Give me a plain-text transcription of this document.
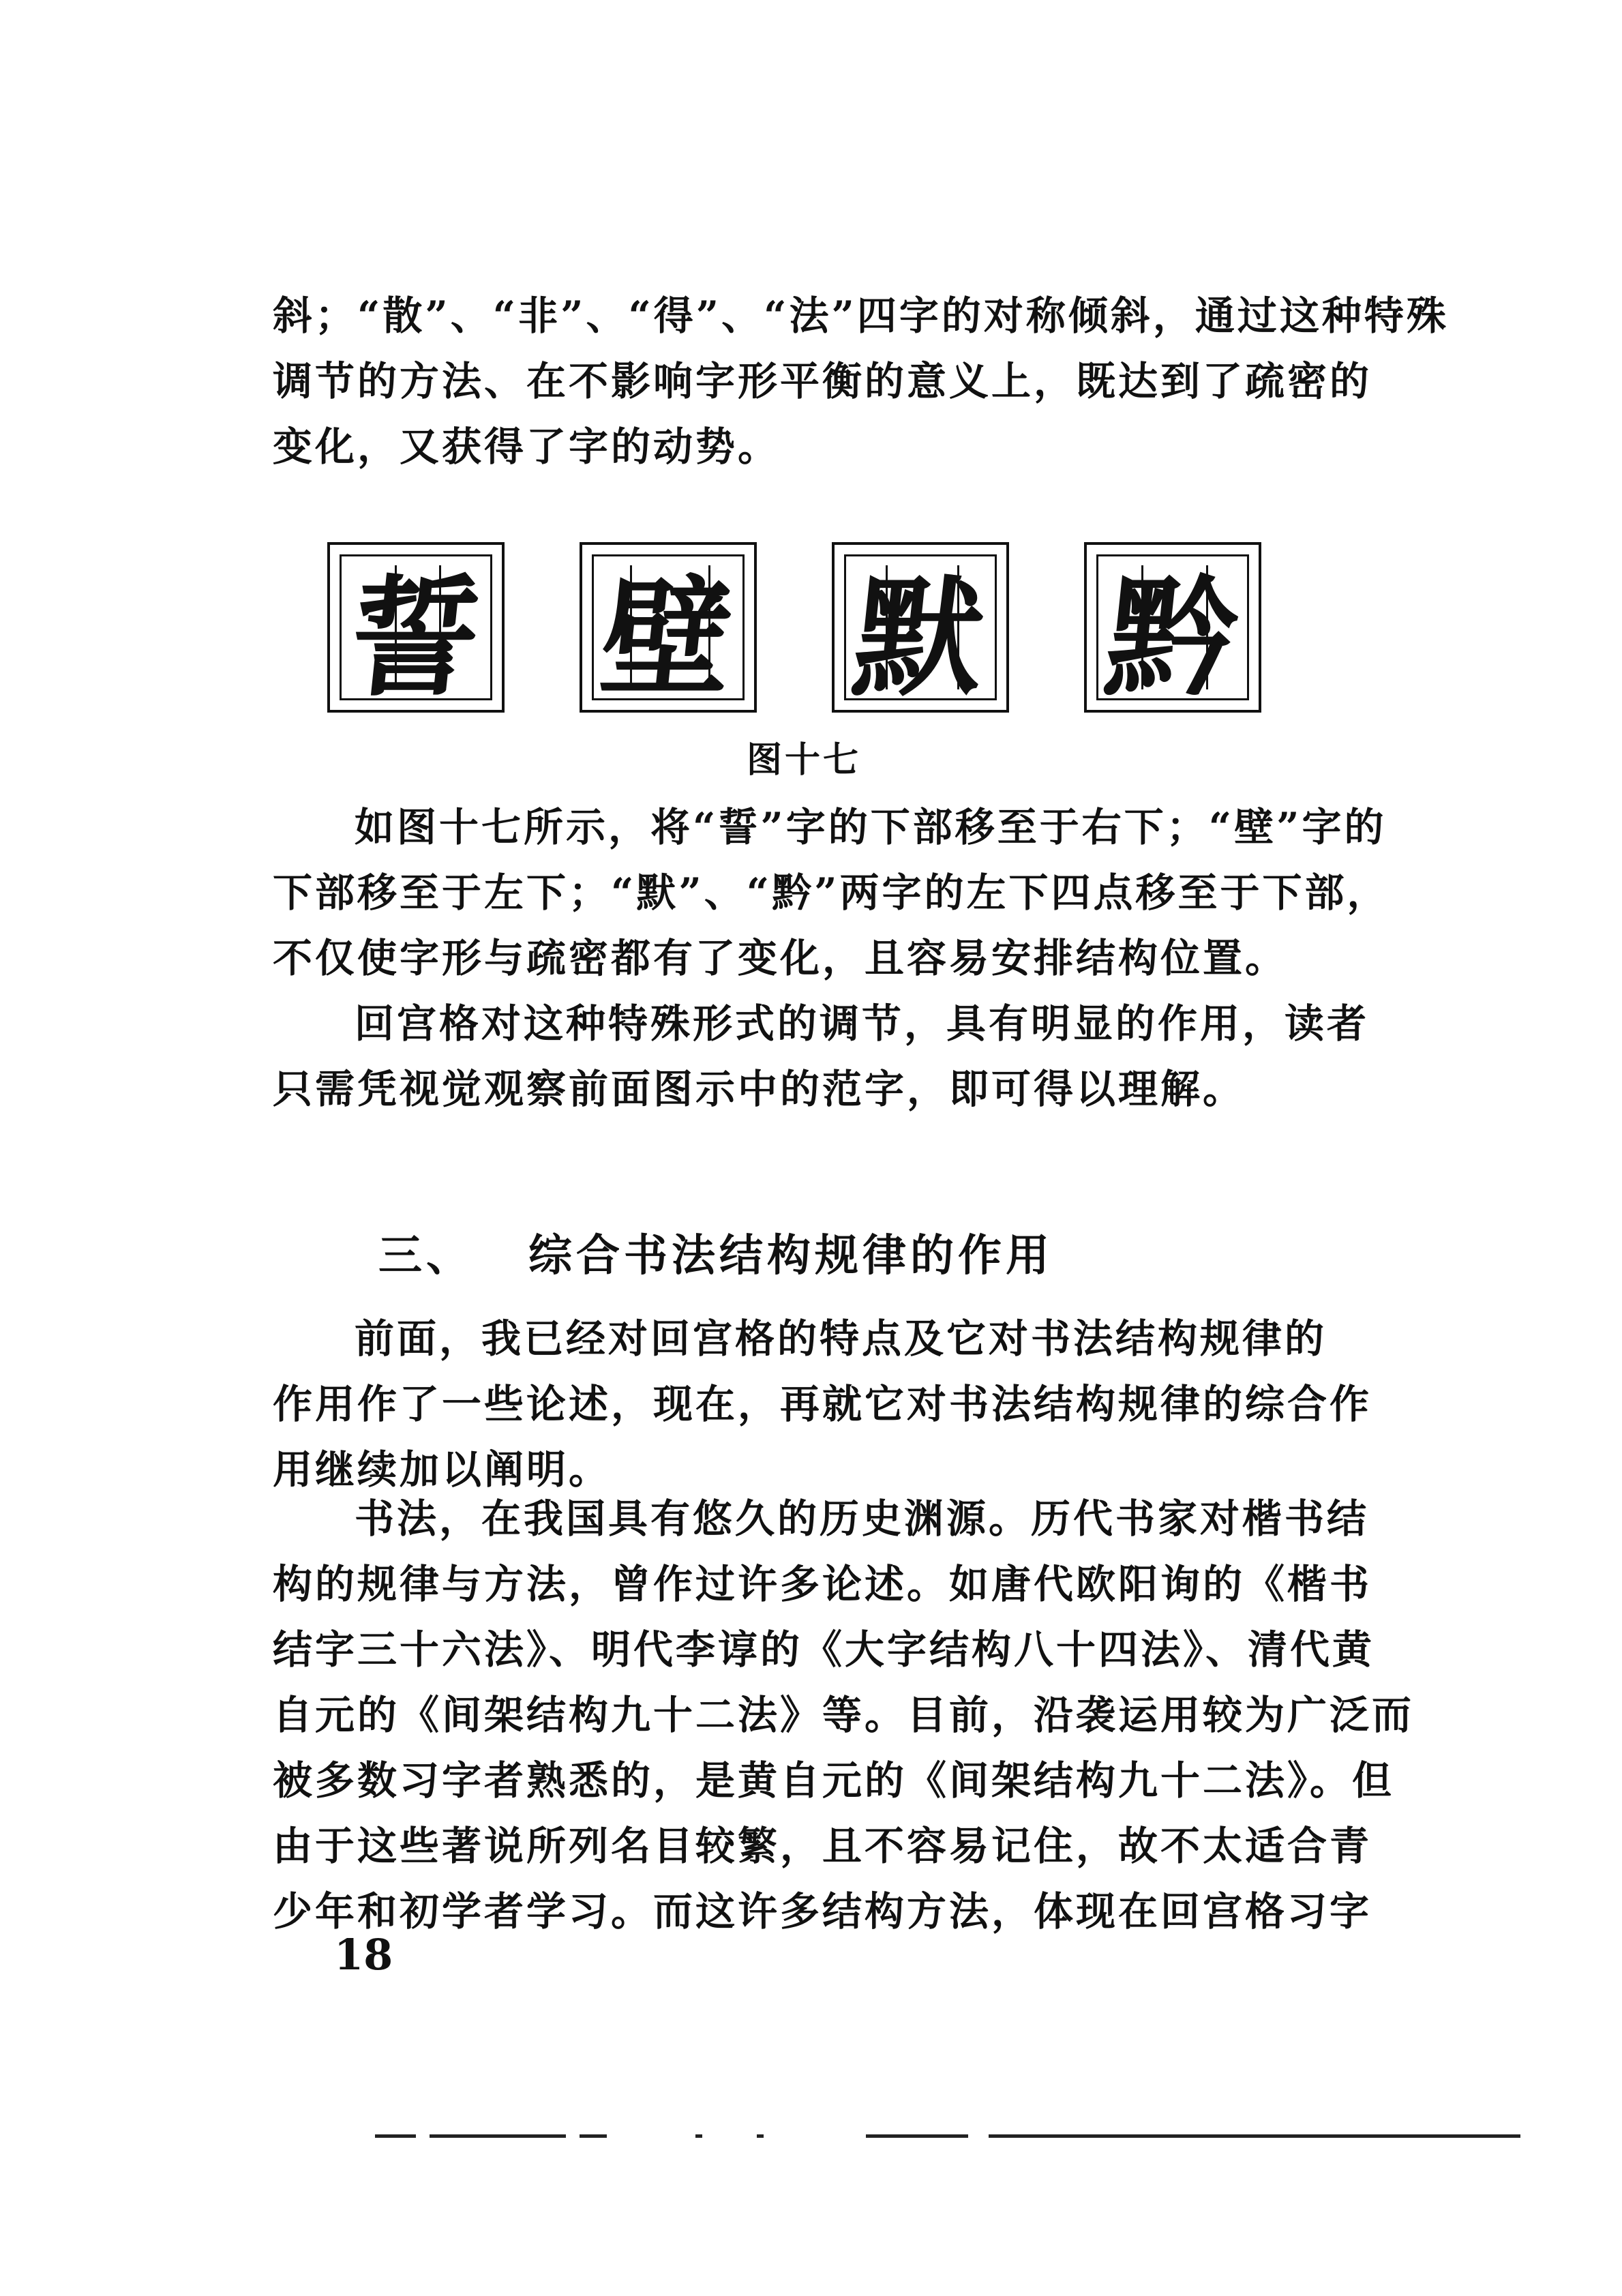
斜；“散”、“非”、“得”、“法”四字的对称倾斜，通过这种特殊
调节的方法、在不影响字形平衡的意义上，既达到了疏密的
变化，又获得了字的动势。
誓 壁 默 黔
图十七
如图十七所示，将“誓”字的下部移至于右下；“壁”字的
下部移至于左下；“默”、“黔”两字的左下四点移至于下部，
不仅使字形与疏密都有了变化，且容易安排结构位置。
回宫格对这种特殊形式的调节，具有明显的作用，读者
只需凭视觉观察前面图示中的范字，即可得以理解。
三、 综合书法结构规律的作用
前面，我已经对回宫格的特点及它对书法结构规律的
作用作了一些论述，现在，再就它对书法结构规律的综合作
用继续加以阐明。
书法，在我国具有悠久的历史渊源。历代书家对楷书结
构的规律与方法，曾作过许多论述。如唐代欧阳询的《楷书
结字三十六法》、明代李谆的《大字结构八十四法》、清代黄
自元的《间架结构九十二法》等。目前，沿袭运用较为广泛而
被多数习字者熟悉的，是黄自元的《间架结构九十二法》。但
由于这些著说所列名目较繁，且不容易记住，故不太适合青
少年和初学者学习。而这许多结构方法，体现在回宫格习字
18
